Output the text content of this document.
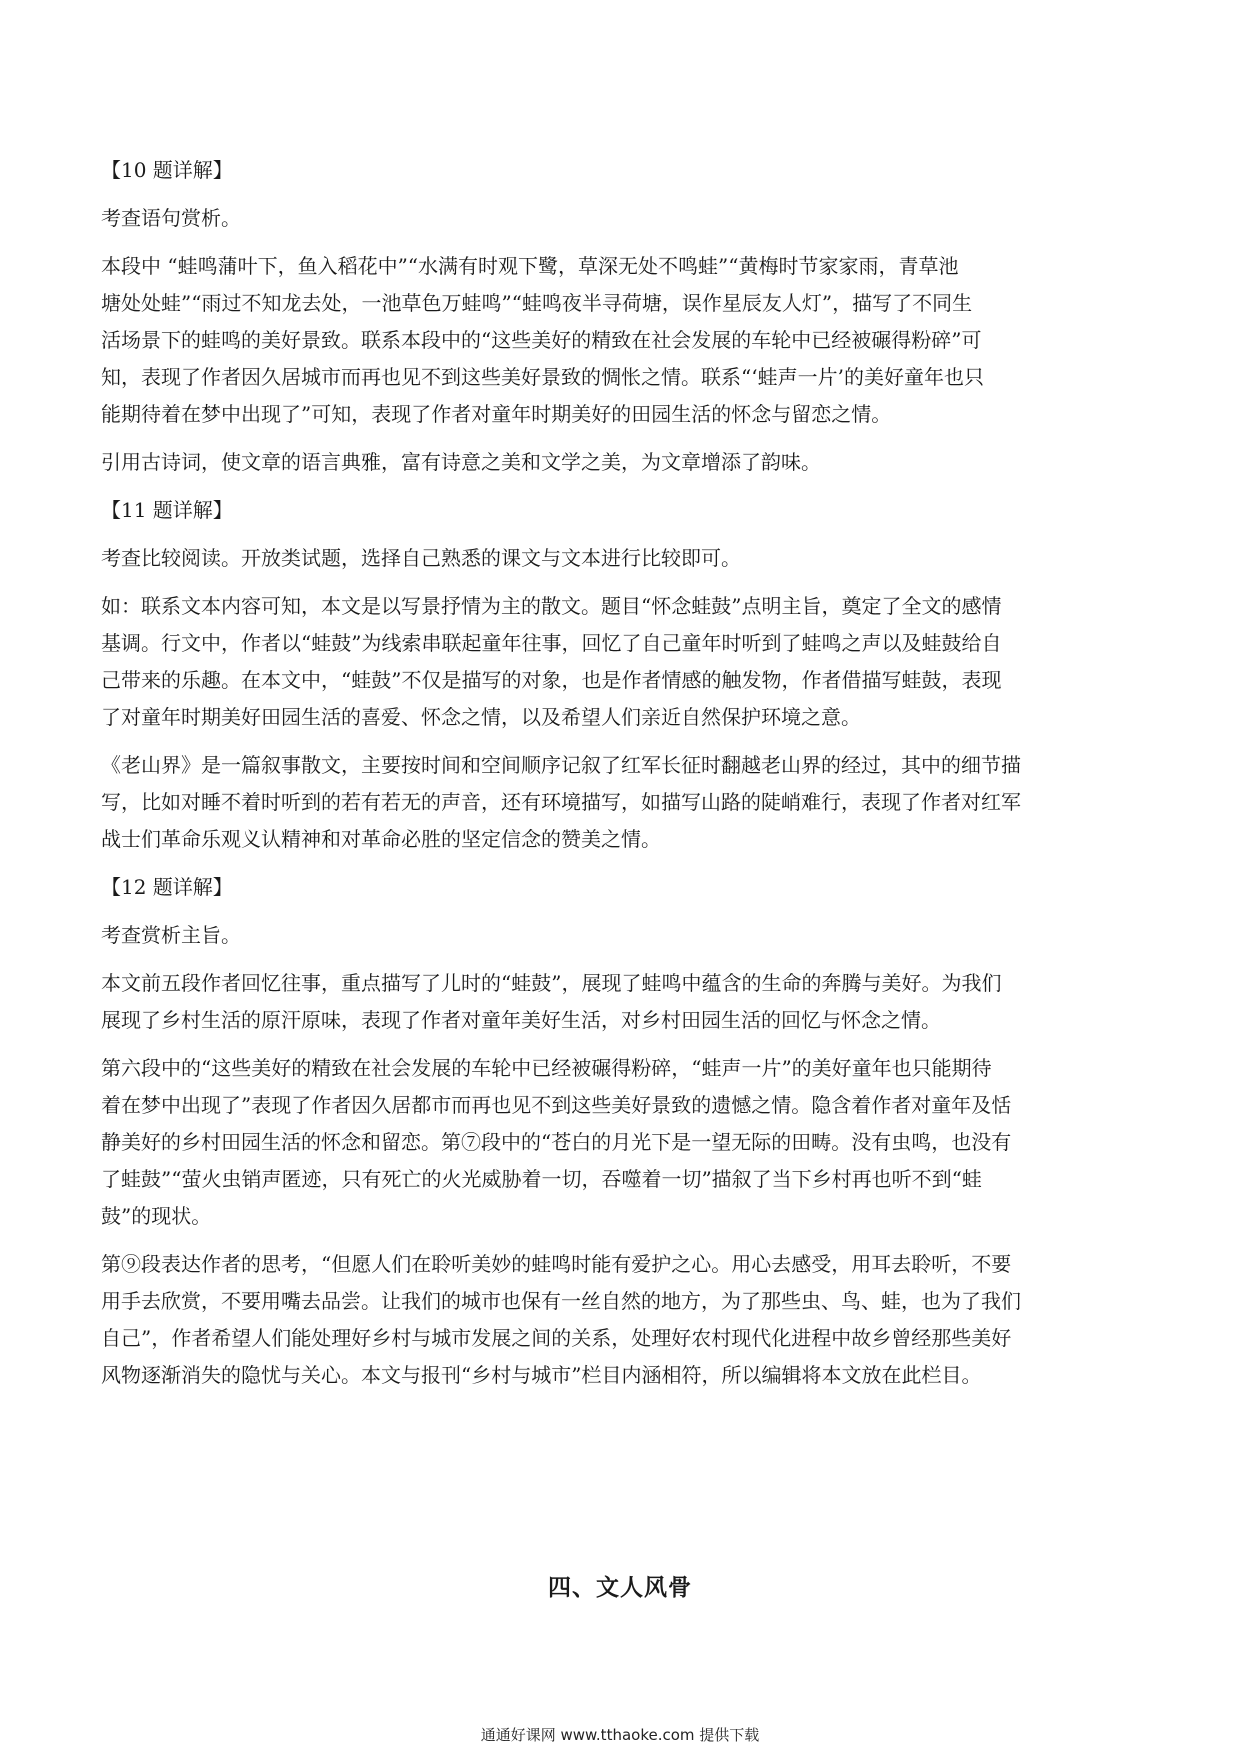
【10 题详解】
考查语句赏析。
本段中 “蛙鸣蒲叶下，鱼入稻花中”“水满有时观下鹭，草深无处不鸣蛙”“黄梅时节家家雨，青草池
塘处处蛙”“雨过不知龙去处，一池草色万蛙鸣”“蛙鸣夜半寻荷塘，误作星辰友人灯”，描写了不同生
活场景下的蛙鸣的美好景致。联系本段中的“这些美好的精致在社会发展的车轮中已经被碾得粉碎”可
知，表现了作者因久居城市而再也见不到这些美好景致的惆怅之情。联系“‘蛙声一片’的美好童年也只
能期待着在梦中出现了”可知，表现了作者对童年时期美好的田园生活的怀念与留恋之情。
引用古诗词，使文章的语言典雅，富有诗意之美和文学之美，为文章增添了韵味。
【11 题详解】
考查比较阅读。开放类试题，选择自己熟悉的课文与文本进行比较即可。
如：联系文本内容可知，本文是以写景抒情为主的散文。题目“怀念蛙鼓”点明主旨，奠定了全文的感情
基调。行文中，作者以“蛙鼓”为线索串联起童年往事，回忆了自己童年时听到了蛙鸣之声以及蛙鼓给自
己带来的乐趣。在本文中，“蛙鼓”不仅是描写的对象，也是作者情感的触发物，作者借描写蛙鼓，表现
了对童年时期美好田园生活的喜爱、怀念之情，以及希望人们亲近自然保护环境之意。
《老山界》是一篇叙事散文，主要按时间和空间顺序记叙了红军长征时翻越老山界的经过，其中的细节描
写，比如对睡不着时听到的若有若无的声音，还有环境描写，如描写山路的陡峭难行，表现了作者对红军
战士们革命乐观义认精神和对革命必胜的坚定信念的赞美之情。
【12 题详解】
考查赏析主旨。
本文前五段作者回忆往事，重点描写了儿时的“蛙鼓”，展现了蛙鸣中蕴含的生命的奔腾与美好。为我们
展现了乡村生活的原汗原味，表现了作者对童年美好生活，对乡村田园生活的回忆与怀念之情。
第六段中的“这些美好的精致在社会发展的车轮中已经被碾得粉碎，“蛙声一片”的美好童年也只能期待
着在梦中出现了”表现了作者因久居都市而再也见不到这些美好景致的遗憾之情。隐含着作者对童年及恬
静美好的乡村田园生活的怀念和留恋。第⑦段中的“苍白的月光下是一望无际的田畴。没有虫鸣，也没有
了蛙鼓”“萤火虫销声匿迹，只有死亡的火光威胁着一切，吞噬着一切”描叙了当下乡村再也听不到“蛙
鼓”的现状。
第⑨段表达作者的思考，“但愿人们在聆听美妙的蛙鸣时能有爱护之心。用心去感受，用耳去聆听，不要
用手去欣赏，不要用嘴去品尝。让我们的城市也保有一丝自然的地方，为了那些虫、鸟、蛙，也为了我们
自己”，作者希望人们能处理好乡村与城市发展之间的关系，处理好农村现代化进程中故乡曾经那些美好
风物逐渐消失的隐忧与关心。本文与报刊“乡村与城市”栏目内涵相符，所以编辑将本文放在此栏目。
四、文人风骨
通通好课网 www.tthaoke.com 提供下载
